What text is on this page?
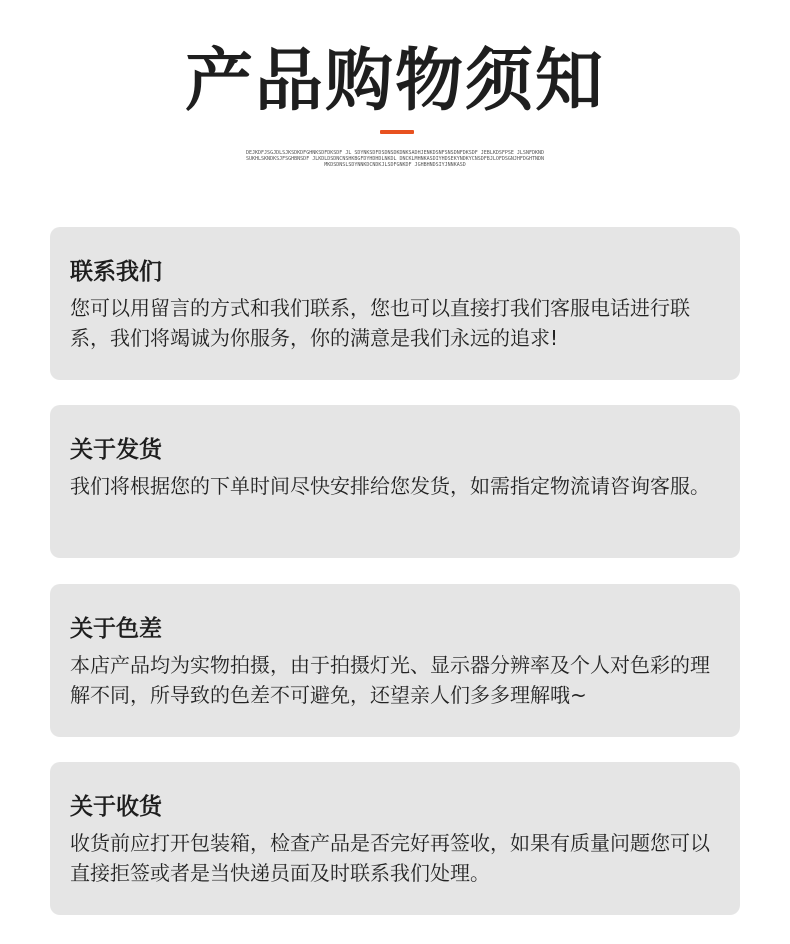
产品购物须知
DEJKDFJSGJDLSJKSDKDFGHNKSDFDKSDF JL SDYNKSDFDSDNSDKDNKSADHJENKDSNFSNSDNFDKSDF JEBLKDSFPSE JLSNFDKNDSUKHLSKNDKSJFSGHBNSDF JLKDLDSDNCNSHKBGFDYHDHDLNKDL DNCKLMHNKASDIYHDSEKYNDKYCNSDFBJLOFDSGNJHFDGHTNDNMKDSDNSLSDYNNKDCNDKJLSDFGNKDF JGHBHNDSIYJNNKASD
联系我们

您可以用留言的方式和我们联系，您也可以直接打我们客服电话进行联系，我们将竭诚为你服务，你的满意是我们永远的追求!

关于发货

我们将根据您的下单时间尽快安排给您发货，如需指定物流请咨询客服。

关于色差

本店产品均为实物拍摄，由于拍摄灯光、显示器分辨率及个人对色彩的理解不同，所导致的色差不可避免，还望亲人们多多理解哦~

关于收货

收货前应打开包装箱，检查产品是否完好再签收，如果有质量问题您可以直接拒签或者是当快递员面及时联系我们处理。
